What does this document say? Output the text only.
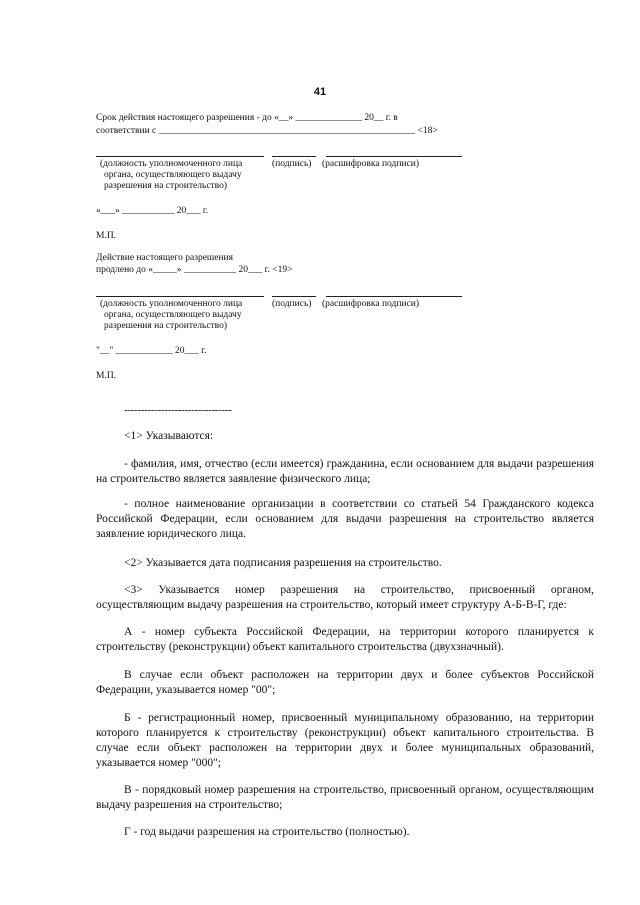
41
Срок действия настоящего разрешения - до «__» ______________ 20__ г. в
соответствии с ______________________________________________________ <18>
(должность уполномоченного лица
органа, осуществляющего выдачу
разрешения на строительство)
(подпись) (расшифровка подписи)
«___» ___________ 20___ г.
М.П.
Действие настоящего разрешения
продлено до «_____» ___________ 20___ г. <19>
(должность уполномоченного лица
органа, осуществляющего выдачу
разрешения на строительство)
(подпись) (расшифровка подписи)
"__" ____________ 20___ г.
М.П.
--------------------------------

<1> Указываются:

- фамилия, имя, отчество (если имеется) гражданина, если основанием для выдачи разрешения на строительство является заявление физического лица;

- полное наименование организации в соответствии со статьей 54 Гражданского кодекса Российской Федерации, если основанием для выдачи разрешения на строительство является заявление юридического лица.

<2> Указывается дата подписания разрешения на строительство.

<3> Указывается номер разрешения на строительство, присвоенный органом, осуществляющим выдачу разрешения на строительство, который имеет структуру А-Б-В-Г, где:

А - номер субъекта Российской Федерации, на территории которого планируется к строительству (реконструкции) объект капитального строительства (двухзначный).

В случае если объект расположен на территории двух и более субъектов Российской Федерации, указывается номер "00";

Б - регистрационный номер, присвоенный муниципальному образованию, на территории которого планируется к строительству (реконструкции) объект капитального строительства. В случае если объект расположен на территории двух и более муниципальных образований, указывается номер "000";

В - порядковый номер разрешения на строительство, присвоенный органом, осуществляющим выдачу разрешения на строительство;

Г - год выдачи разрешения на строительство (полностью).
